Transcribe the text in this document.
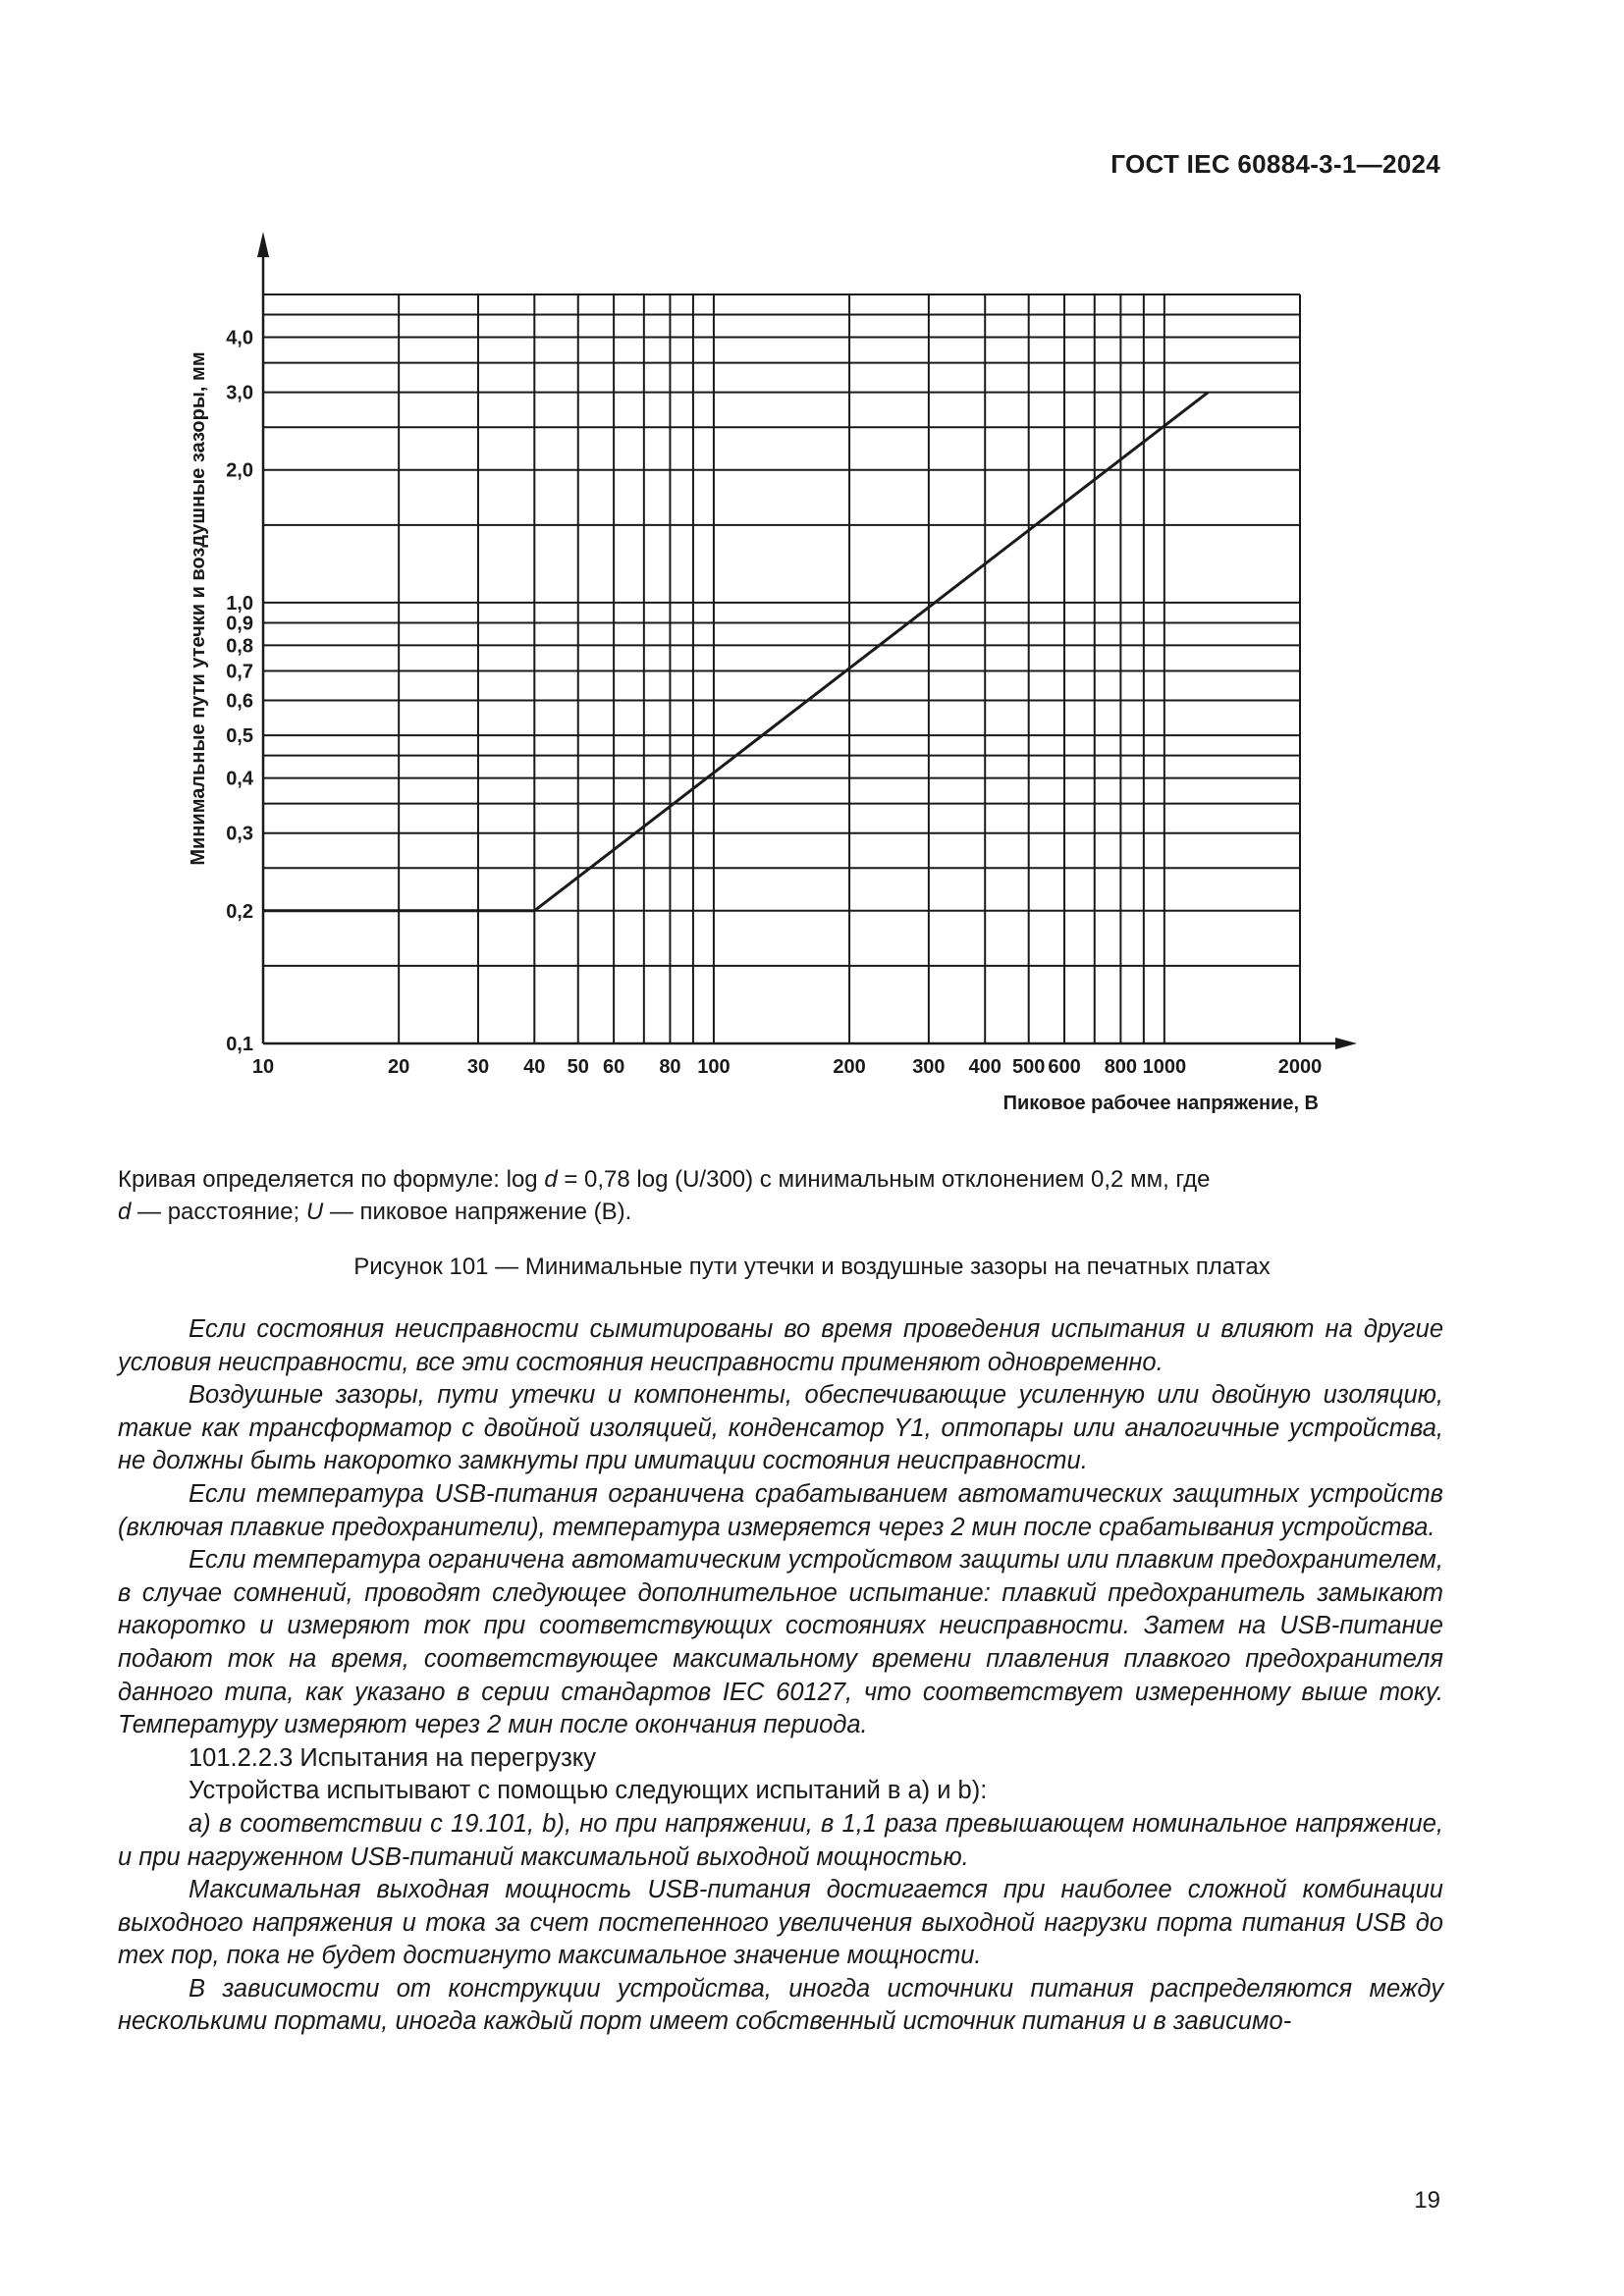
ГОСТ IEC 60884-3-1—2024
10	20	30 40 50 60 80 100	200 300 400 500 600 800 1000	2000
0,1
0,2
0,3
0,4
0,5
0,6
0,7
0,8
0,9
1,0
2,0
3,0
4,0
Пиковое рабочее напряжение, В
Минимальные пути утечки и воздушные зазоры, мм
Кривая определяется по формуле: log d = 0,78 log (U/300) с минимальным отклонением 0,2 мм, где
d — расстояние; U — пиковое напряжение (В).
Рисунок 101 — Минимальные пути утечки и воздушные зазоры на печатных платах

Если состояния неисправности сымитированы во время проведения испытания и влияют на другие условия неисправности, все эти состояния неисправности применяют одновременно.

Воздушные зазоры, пути утечки и компоненты, обеспечивающие усиленную или двойную изоляцию, такие как трансформатор с двойной изоляцией, конденсатор Y1, оптопары или аналогичные устройства, не должны быть накоротко замкнуты при имитации состояния неисправности.

Если температура USB-питания ограничена срабатыванием автоматических защитных устройств (включая плавкие предохранители), температура измеряется через 2 мин после срабатывания устройства.

Если температура ограничена автоматическим устройством защиты или плавким предохранителем, в случае сомнений, проводят следующее дополнительное испытание: плавкий предохранитель замыкают накоротко и измеряют ток при соответствующих состояниях неисправности. Затем на USB-питание подают ток на время, соответствующее максимальному времени плавления плавкого предохранителя данного типа, как указано в серии стандартов IEC 60127, что соответствует измеренному выше току. Температуру измеряют через 2 мин после окончания периода.

101.2.2.3 Испытания на перегрузку

Устройства испытывают с помощью следующих испытаний в a) и b):

a) в соответствии с 19.101, b), но при напряжении, в 1,1 раза превышающем номинальное напряжение, и при нагруженном USB-питаний максимальной выходной мощностью.

Максимальная выходная мощность USB-питания достигается при наиболее сложной комбинации выходного напряжения и тока за счет постепенного увеличения выходной нагрузки порта питания USB до тех пор, пока не будет достигнуто максимальное значение мощности.

В зависимости от конструкции устройства, иногда источники питания распределяются между несколькими портами, иногда каждый порт имеет собственный источник питания и в зависимо-

19
